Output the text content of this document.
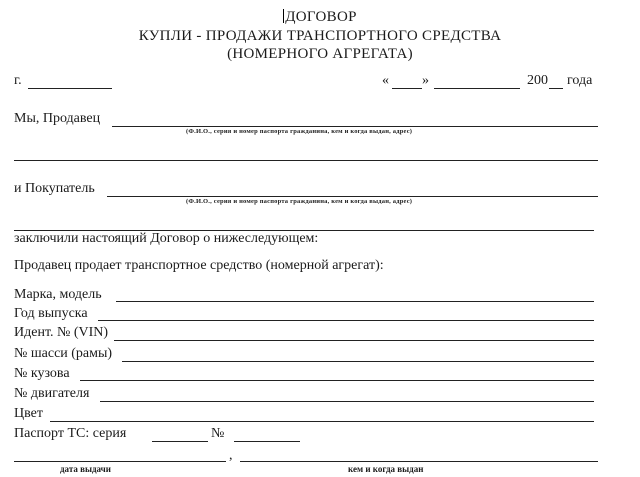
ДОГОВОР
КУПЛИ - ПРОДАЖИ ТРАНСПОРТНОГО СРЕДСТВА
(НОМЕРНОГО АГРЕГАТА)
г.	« »	200 года
Мы, Продавец
(Ф.И.О., серия и номер паспорта гражданина, кем и когда выдан, адрес)
и Покупатель
(Ф.И.О., серия и номер паспорта гражданина, кем и когда выдан, адрес)
заключили настоящий Договор о нижеследующем:
Продавец продает транспортное средство (номерной агрегат):
Марка, модель
Год выпуска
Идент. № (VIN)
№ шасси (рамы)
№ кузова
№ двигателя
Цвет
Паспорт ТС: серия	№
,
дата выдачи	кем и когда выдан
